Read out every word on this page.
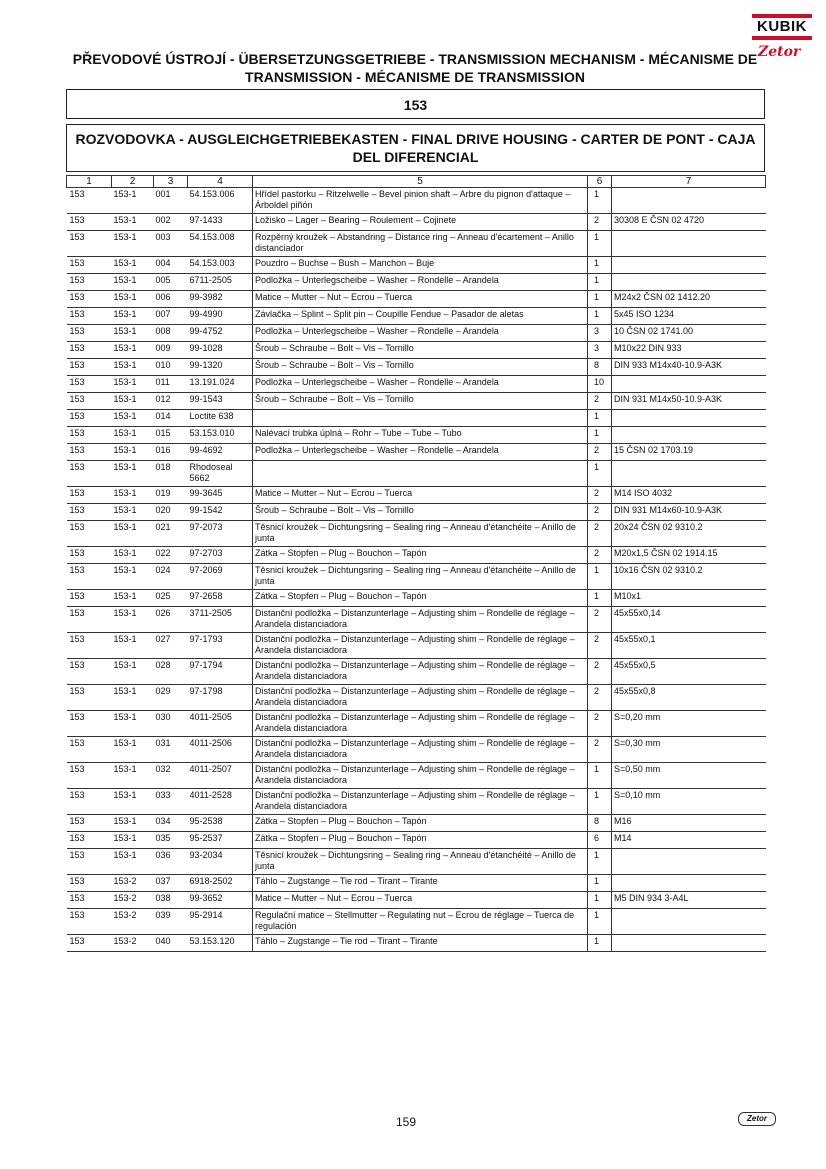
KUBIK
Zetor
PŘEVODOVÉ ÚSTROJÍ - ÜBERSETZUNGSGETRIEBE - TRANSMISSION MECHANISM - MÉCANISME DE
TRANSMISSION - MÉCANISME DE TRANSMISSION
153
ROZVODOVKA - AUSGLEICHGETRIEBEKASTEN - FINAL DRIVE HOUSING - CARTER DE PONT - CAJA
DEL DIFERENCIAL
1	2	3	4	5	6	7
153	153-1	001	54.153.006	Hřídel pastorku – Ritzelwelle – Bevel pinion shaft – Arbre du pignon d'attaque – Árboldel piñón	1	
153	153-1	002	97-1433	Ložisko – Lager – Bearing – Roulement – Cojinete	2	30308 E ČSN 02 4720
153	153-1	003	54.153.008	Rozpěrný kroužek – Abstandring – Distance ring – Anneau d'écartement – Anillo distanciador	1	
153	153-1	004	54.153.003	Pouzdro – Buchse – Bush – Manchon – Buje	1	
153	153-1	005	6711-2505	Podložka – Unterlegscheibe – Washer – Rondelle – Arandela	1	
153	153-1	006	99-3982	Matice – Mutter – Nut – Ecrou – Tuerca	1	M24x2 ČSN 02 1412.20
153	153-1	007	99-4990	Závlačka – Splint – Split pin – Coupille Fendue – Pasador de aletas	1	5x45 ISO 1234
153	153-1	008	99-4752	Podložka – Unterlegscheibe – Washer – Rondelle – Arandela	3	10 ČSN 02 1741.00
153	153-1	009	99-1028	Šroub – Schraube – Bolt – Vis – Tornillo	3	M10x22 DIN 933
153	153-1	010	99-1320	Šroub – Schraube – Bolt – Vis – Tornillo	8	DIN 933 M14x40-10.9-A3K
153	153-1	011	13.191.024	Podložka – Unterlegscheibe – Washer – Rondelle – Arandela	10	
153	153-1	012	99-1543	Šroub – Schraube – Bolt – Vis – Tornillo	2	DIN 931 M14x50-10.9-A3K
153	153-1	014	Loctite 638		1	
153	153-1	015	53.153.010	Nalévací trubka úplná – Rohr – Tube – Tube – Tubo	1	
153	153-1	016	99-4692	Podložka – Unterlegscheibe – Washer – Rondelle – Arandela	2	15 ČSN 02 1703.19
153	153-1	018	Rhodoseal 5662		1	
153	153-1	019	99-3645	Matice – Mutter – Nut – Ecrou – Tuerca	2	M14 ISO 4032
153	153-1	020	99-1542	Šroub – Schraube – Bolt – Vis – Tornillo	2	DIN 931 M14x60-10.9-A3K
153	153-1	021	97-2073	Těsnicí kroužek – Dichtungsring – Sealing ring – Anneau d'étanchéite – Anillo de junta	2	20x24 ČSN 02 9310.2
153	153-1	022	97-2703	Zátka – Stopfen – Plug – Bouchon – Tapón	2	M20x1,5 ČSN 02 1914.15
153	153-1	024	97-2069	Těsnicí kroužek – Dichtungsring – Sealing ring – Anneau d'étanchéite – Anillo de junta	1	10x16 ČSN 02 9310.2
153	153-1	025	97-2658	Zátka – Stopfen – Plug – Bouchon – Tapón	1	M10x1
153	153-1	026	3711-2505	Distanční podložka – Distanzunterlage – Adjusting shim – Rondelle de réglage – Arandela distanciadora	2	45x55x0,14
153	153-1	027	97-1793	Distanční podložka – Distanzunterlage – Adjusting shim – Rondelle de réglage – Arandela distanciadora	2	45x55x0,1
153	153-1	028	97-1794	Distanční podložka – Distanzunterlage – Adjusting shim – Rondelle de réglage – Arandela distanciadora	2	45x55x0,5
153	153-1	029	97-1798	Distanční podložka – Distanzunterlage – Adjusting shim – Rondelle de réglage – Arandela distanciadora	2	45x55x0,8
153	153-1	030	4011-2505	Distanční podložka – Distanzunterlage – Adjusting shim – Rondelle de réglage – Arandela distanciadora	2	S=0,20 mm
153	153-1	031	4011-2506	Distanční podložka – Distanzunterlage – Adjusting shim – Rondelle de réglage – Arandela distanciadora	2	S=0,30 mm
153	153-1	032	4011-2507	Distanční podložka – Distanzunterlage – Adjusting shim – Rondelle de réglage – Arandela distanciadora	1	S=0,50 mm
153	153-1	033	4011-2528	Distanční podložka – Distanzunterlage – Adjusting shim – Rondelle de réglage – Arandela distanciadora	1	S=0,10 mm
153	153-1	034	95-2538	Zátka – Stopfen – Plug – Bouchon – Tapón	8	M16
153	153-1	035	95-2537	Zátka – Stopfen – Plug – Bouchon – Tapón	6	M14
153	153-1	036	93-2034	Těsnicí kroužek – Dichtungsring – Sealing ring – Anneau d'étanchéité – Anillo de junta	1	
153	153-2	037	6918-2502	Táhlo – Zugstange – Tie rod – Tirant – Tirante	1	
153	153-2	038	99-3652	Matice – Mutter – Nut – Ecrou – Tuerca	1	M5 DIN 934 3-A4L
153	153-2	039	95-2914	Regulační matice – Stellmutter – Regulating nut – Ecrou de réglage – Tuerca de regulación	1	
153	153-2	040	53.153.120	Táhlo – Zugstange – Tie rod – Tirant – Tirante	1	
159	Zetor
